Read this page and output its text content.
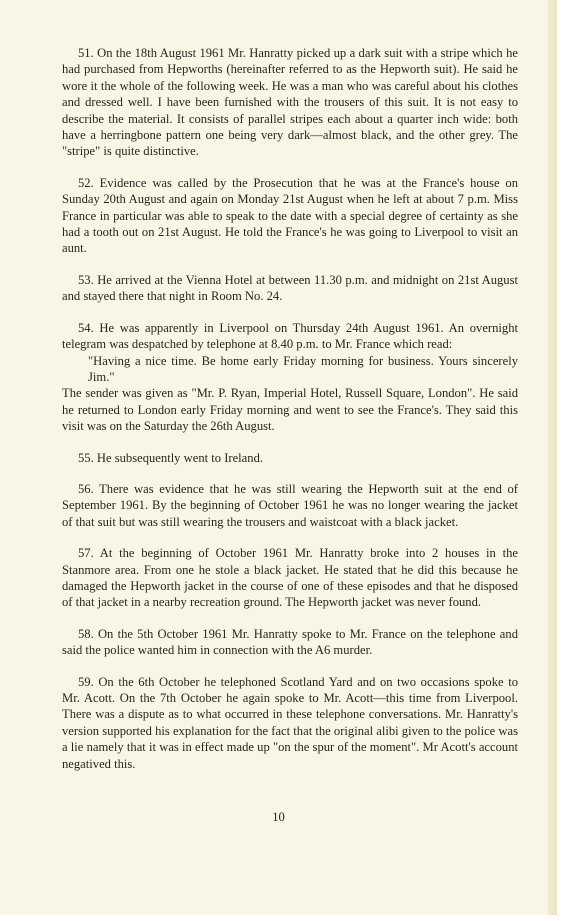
51. On the 18th August 1961 Mr. Hanratty picked up a dark suit with a stripe which he had purchased from Hepworths (hereinafter referred to as the Hepworth suit). He said he wore it the whole of the following week. He was a man who was careful about his clothes and dressed well. I have been furnished with the trousers of this suit. It is not easy to describe the material. It consists of parallel stripes each about a quarter inch wide: both have a herringbone pattern one being very dark—almost black, and the other grey. The "stripe" is quite distinctive.

52. Evidence was called by the Prosecution that he was at the France's house on Sunday 20th August and again on Monday 21st August when he left at about 7 p.m. Miss France in particular was able to speak to the date with a special degree of certainty as she had a tooth out on 21st August. He told the France's he was going to Liverpool to visit an aunt.

53. He arrived at the Vienna Hotel at between 11.30 p.m. and midnight on 21st August and stayed there that night in Room No. 24.

54. He was apparently in Liverpool on Thursday 24th August 1961. An overnight telegram was despatched by telephone at 8.40 p.m. to Mr. France which read:

"Having a nice time. Be home early Friday morning for business. Yours sincerely Jim."

The sender was given as "Mr. P. Ryan, Imperial Hotel, Russell Square, London". He said he returned to London early Friday morning and went to see the France's. They said this visit was on the Saturday the 26th August.

55. He subsequently went to Ireland.

56. There was evidence that he was still wearing the Hepworth suit at the end of September 1961. By the beginning of October 1961 he was no longer wearing the jacket of that suit but was still wearing the trousers and waistcoat with a black jacket.

57. At the beginning of October 1961 Mr. Hanratty broke into 2 houses in the Stanmore area. From one he stole a black jacket. He stated that he did this because he damaged the Hepworth jacket in the course of one of these episodes and that he disposed of that jacket in a nearby recreation ground. The Hepworth jacket was never found.

58. On the 5th October 1961 Mr. Hanratty spoke to Mr. France on the telephone and said the police wanted him in connection with the A6 murder.

59. On the 6th October he telephoned Scotland Yard and on two occasions spoke to Mr. Acott. On the 7th October he again spoke to Mr. Acott—this time from Liverpool. There was a dispute as to what occurred in these telephone conversations. Mr. Hanratty's version supported his explanation for the fact that the original alibi given to the police was a lie namely that it was in effect made up "on the spur of the moment". Mr Acott's account negatived this.

10
